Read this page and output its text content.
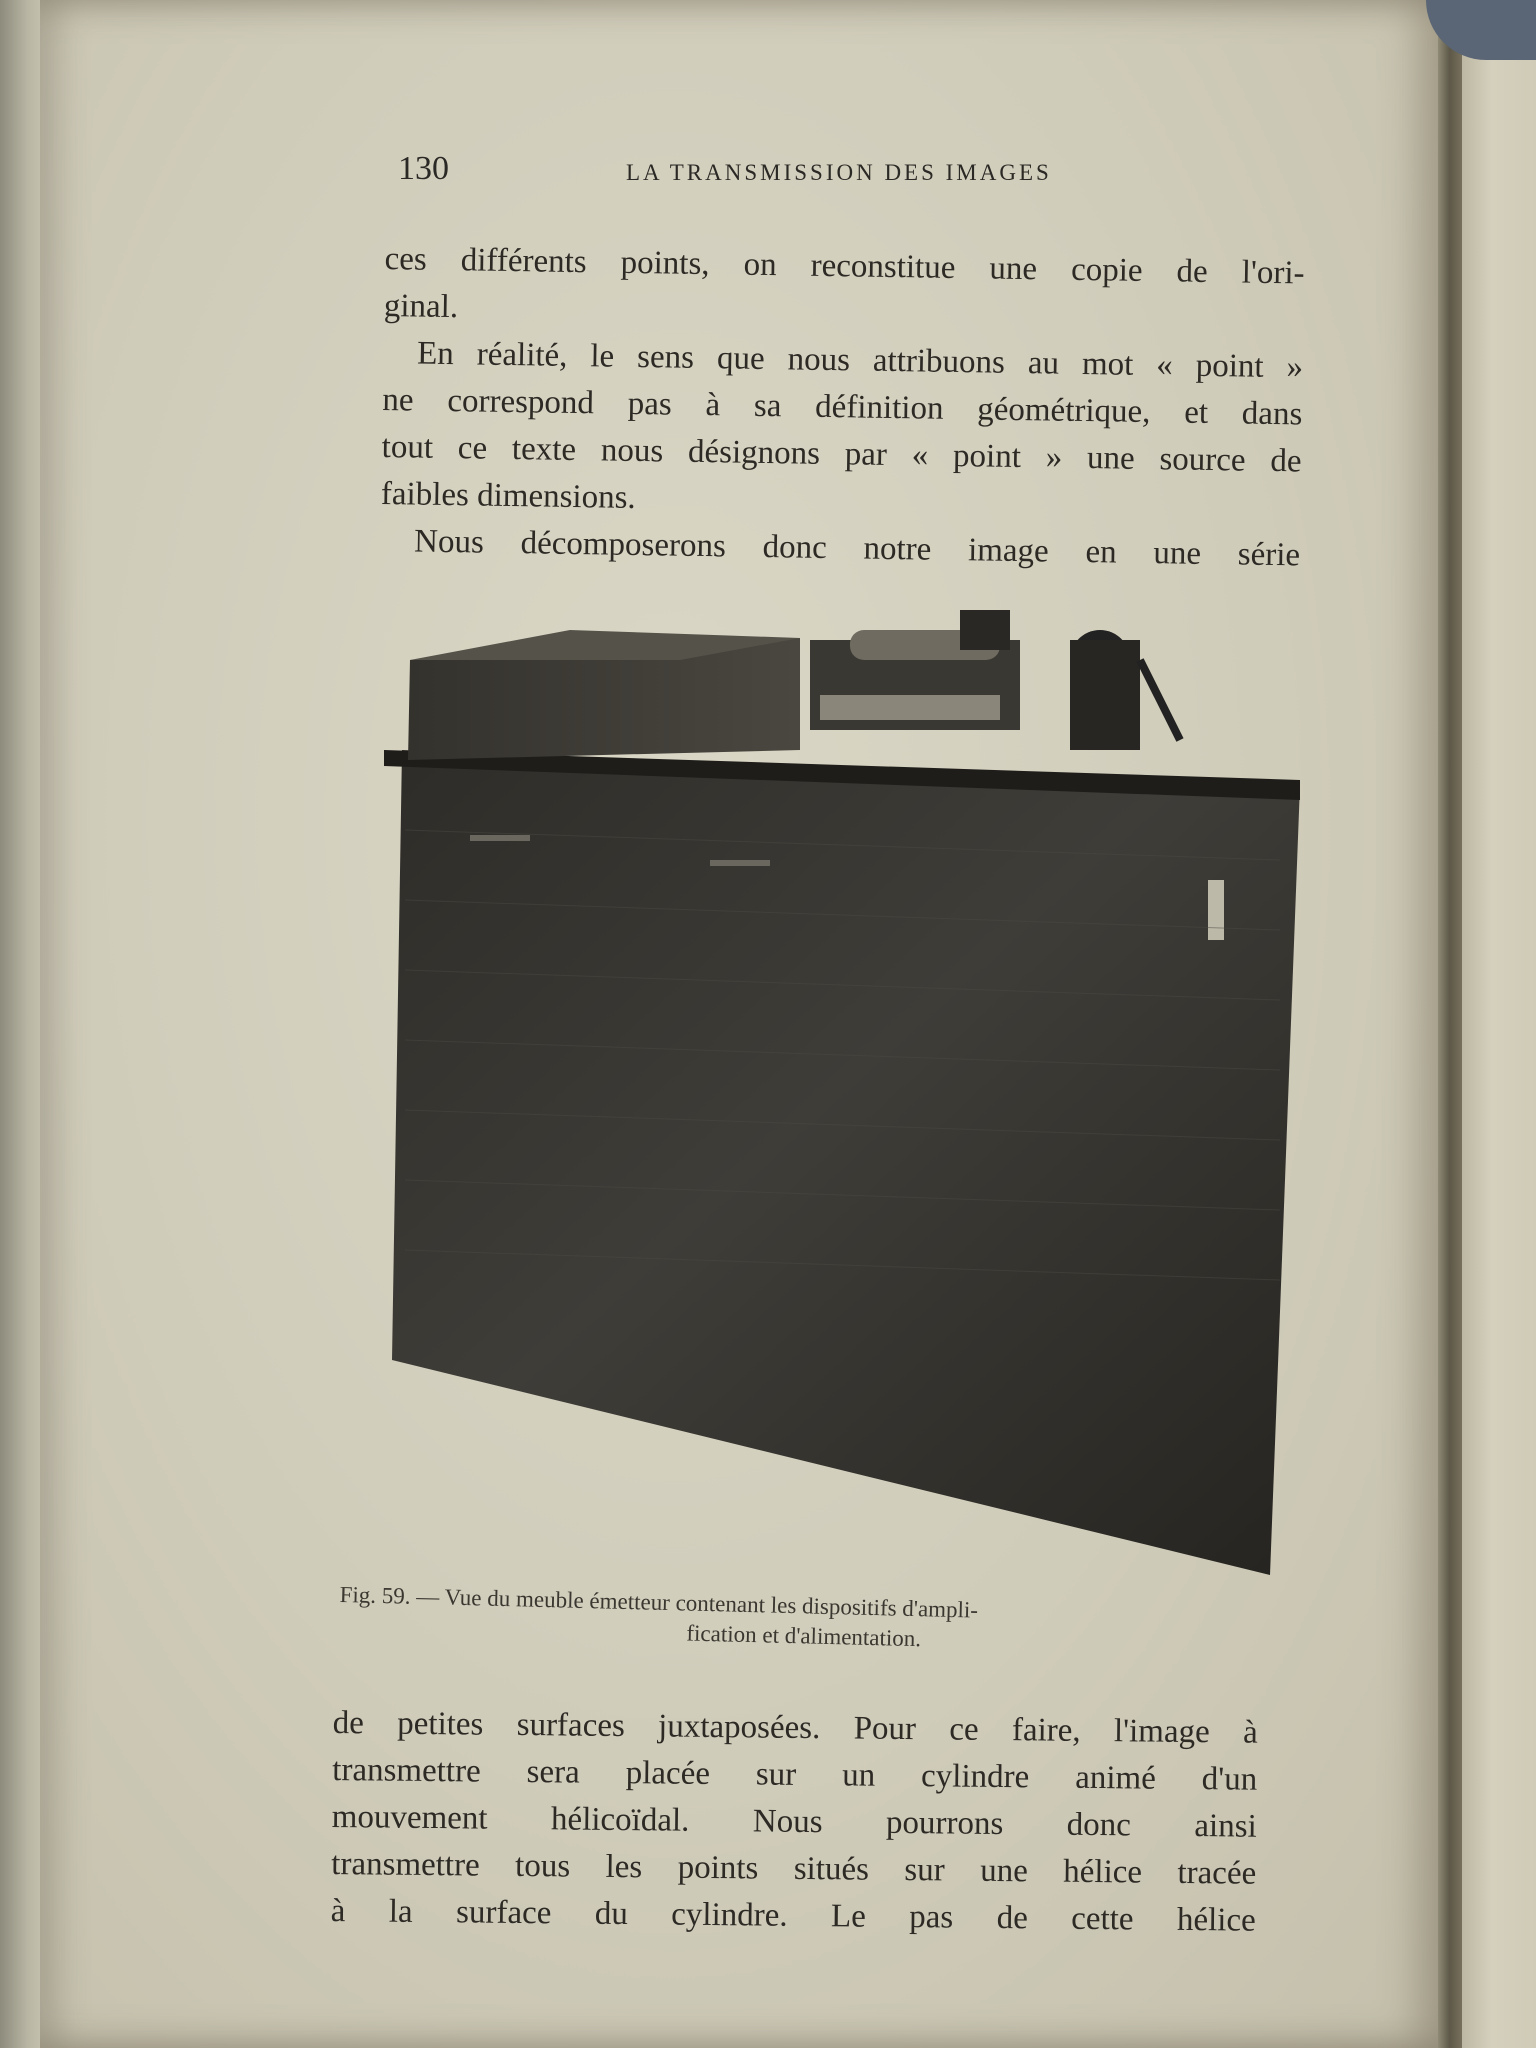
130	LA TRANSMISSION DES IMAGES
ces différents points, on reconstitue une copie de l'ori-
ginal.
En réalité, le sens que nous attribuons au mot « point »
ne correspond pas à sa définition géométrique, et dans
tout ce texte nous désignons par « point » une source de
faibles dimensions.
Nous décomposerons donc notre image en une série
Fig. 59. — Vue du meuble émetteur contenant les dispositifs d'ampli-
fication et d'alimentation.
de petites surfaces juxtaposées. Pour ce faire, l'image à
transmettre sera placée sur un cylindre animé d'un
mouvement hélicoïdal. Nous pourrons donc ainsi
transmettre tous les points situés sur une hélice tracée
à la surface du cylindre. Le pas de cette hélice
